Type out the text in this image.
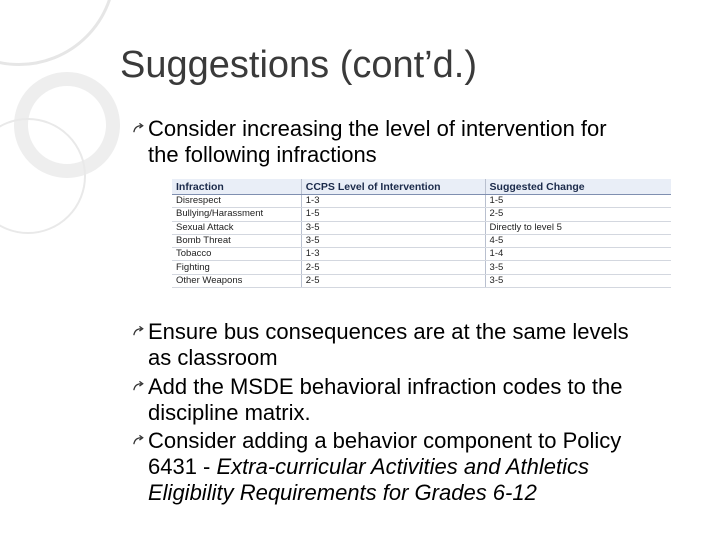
Suggestions (cont’d.)
Consider increasing the level of intervention for
the following infractions
Infraction	CCPS Level of Intervention	Suggested Change
Disrespect	1-3	1-5
Bullying/Harassment	1-5	2-5
Sexual Attack	3-5	Directly to level 5
Bomb Threat	3-5	4-5
Tobacco	1-3	1-4
Fighting	2-5	3-5
Other Weapons	2-5	3-5
Ensure bus consequences are at the same levels
as classroom
Add the MSDE behavioral infraction codes to the
discipline matrix.
Consider adding a behavior component to Policy
6431 - Extra-curricular Activities and Athletics
Eligibility Requirements for Grades 6-12
